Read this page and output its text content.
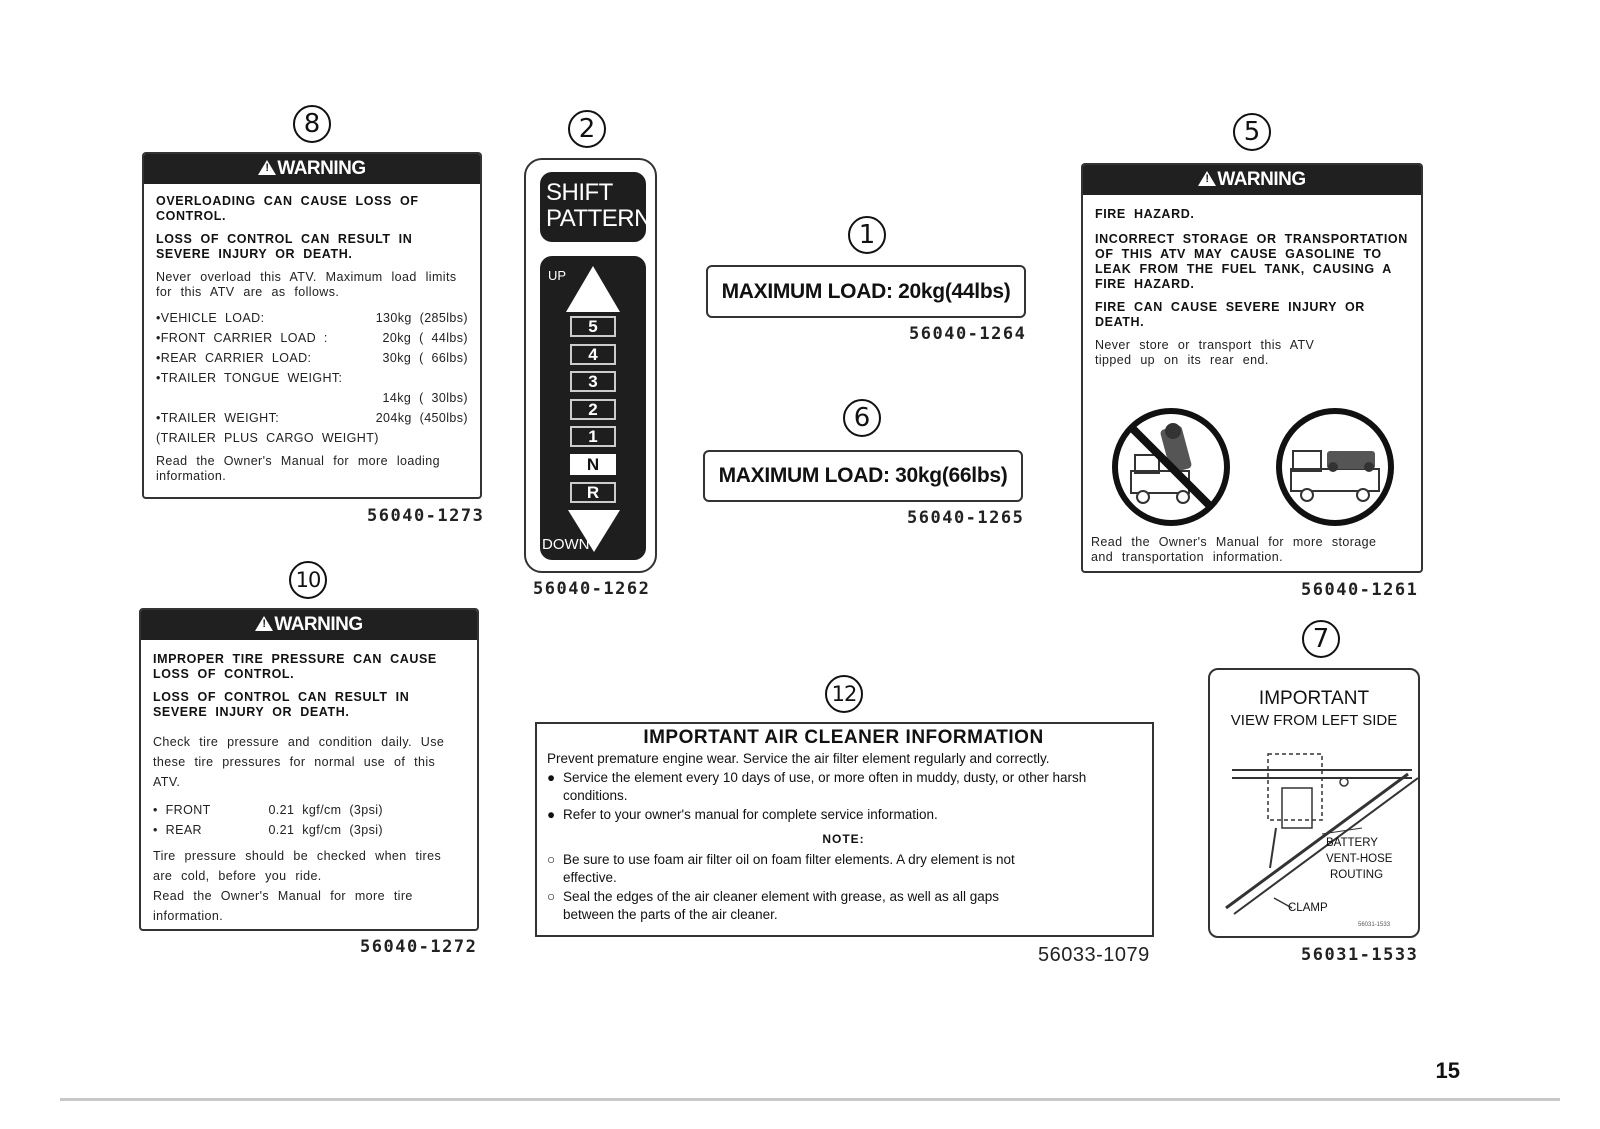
8
!WARNING

OVERLOADING CAN CAUSE LOSS OF CONTROL.

LOSS OF CONTROL CAN RESULT IN SEVERE INJURY OR DEATH.

Never overload this ATV. Maximum load limits for this ATV are as follows.

•VEHICLE LOAD:	130kg (285lbs)
•FRONT CARRIER LOAD :	20kg ( 44lbs)
•REAR CARRIER LOAD:	30kg ( 66lbs)
•TRAILER TONGUE WEIGHT:
14kg ( 30lbs)
•TRAILER WEIGHT:	204kg (450lbs)
(TRAILER PLUS CARGO WEIGHT)

Read the Owner's Manual for more loading information.

56040-1273
2
SHIFT
PATTERN
UP
5
4
3
2
1
N
R
DOWN
56040-1262
1
MAXIMUM LOAD: 20kg(44lbs)
56040-1264
6
MAXIMUM LOAD: 30kg(66lbs)
56040-1265
5
!WARNING

FIRE HAZARD.

INCORRECT STORAGE OR TRANSPORTATION OF THIS ATV MAY CAUSE GASOLINE TO LEAK FROM THE FUEL TANK, CAUSING A FIRE HAZARD.

FIRE CAN CAUSE SEVERE INJURY OR DEATH.

Never store or transport this ATV tipped up on its rear end.

Read the Owner's Manual for more storage and transportation information.

56040-1261
10
!WARNING

IMPROPER TIRE PRESSURE CAN CAUSE LOSS OF CONTROL.

LOSS OF CONTROL CAN RESULT IN SEVERE INJURY OR DEATH.

Check tire pressure and condition daily. Use these tire pressures for normal use of this ATV.

• FRONT	0.21 kgf/cm (3psi)
• REAR	0.21 kgf/cm (3psi)

Tire pressure should be checked when tires are cold, before you ride.

Read the Owner's Manual for more tire information.

56040-1272
12
IMPORTANT AIR CLEANER INFORMATION
Prevent premature engine wear. Service the air filter element regularly and correctly.
● Service the element every 10 days of use, or more often in muddy, dusty, or other harsh conditions.
● Refer to your owner's manual for complete service information.
NOTE:
○ Be sure to use foam air filter oil on foam filter elements. A dry element is not effective.
○ Seal the edges of the air cleaner element with grease, as well as all gaps between the parts of the air cleaner.
56033-1079
7
IMPORTANT
VIEW FROM LEFT SIDE
BATTERY
VENT-HOSE
ROUTING
CLAMP
56031-1533
56031-1533
15
